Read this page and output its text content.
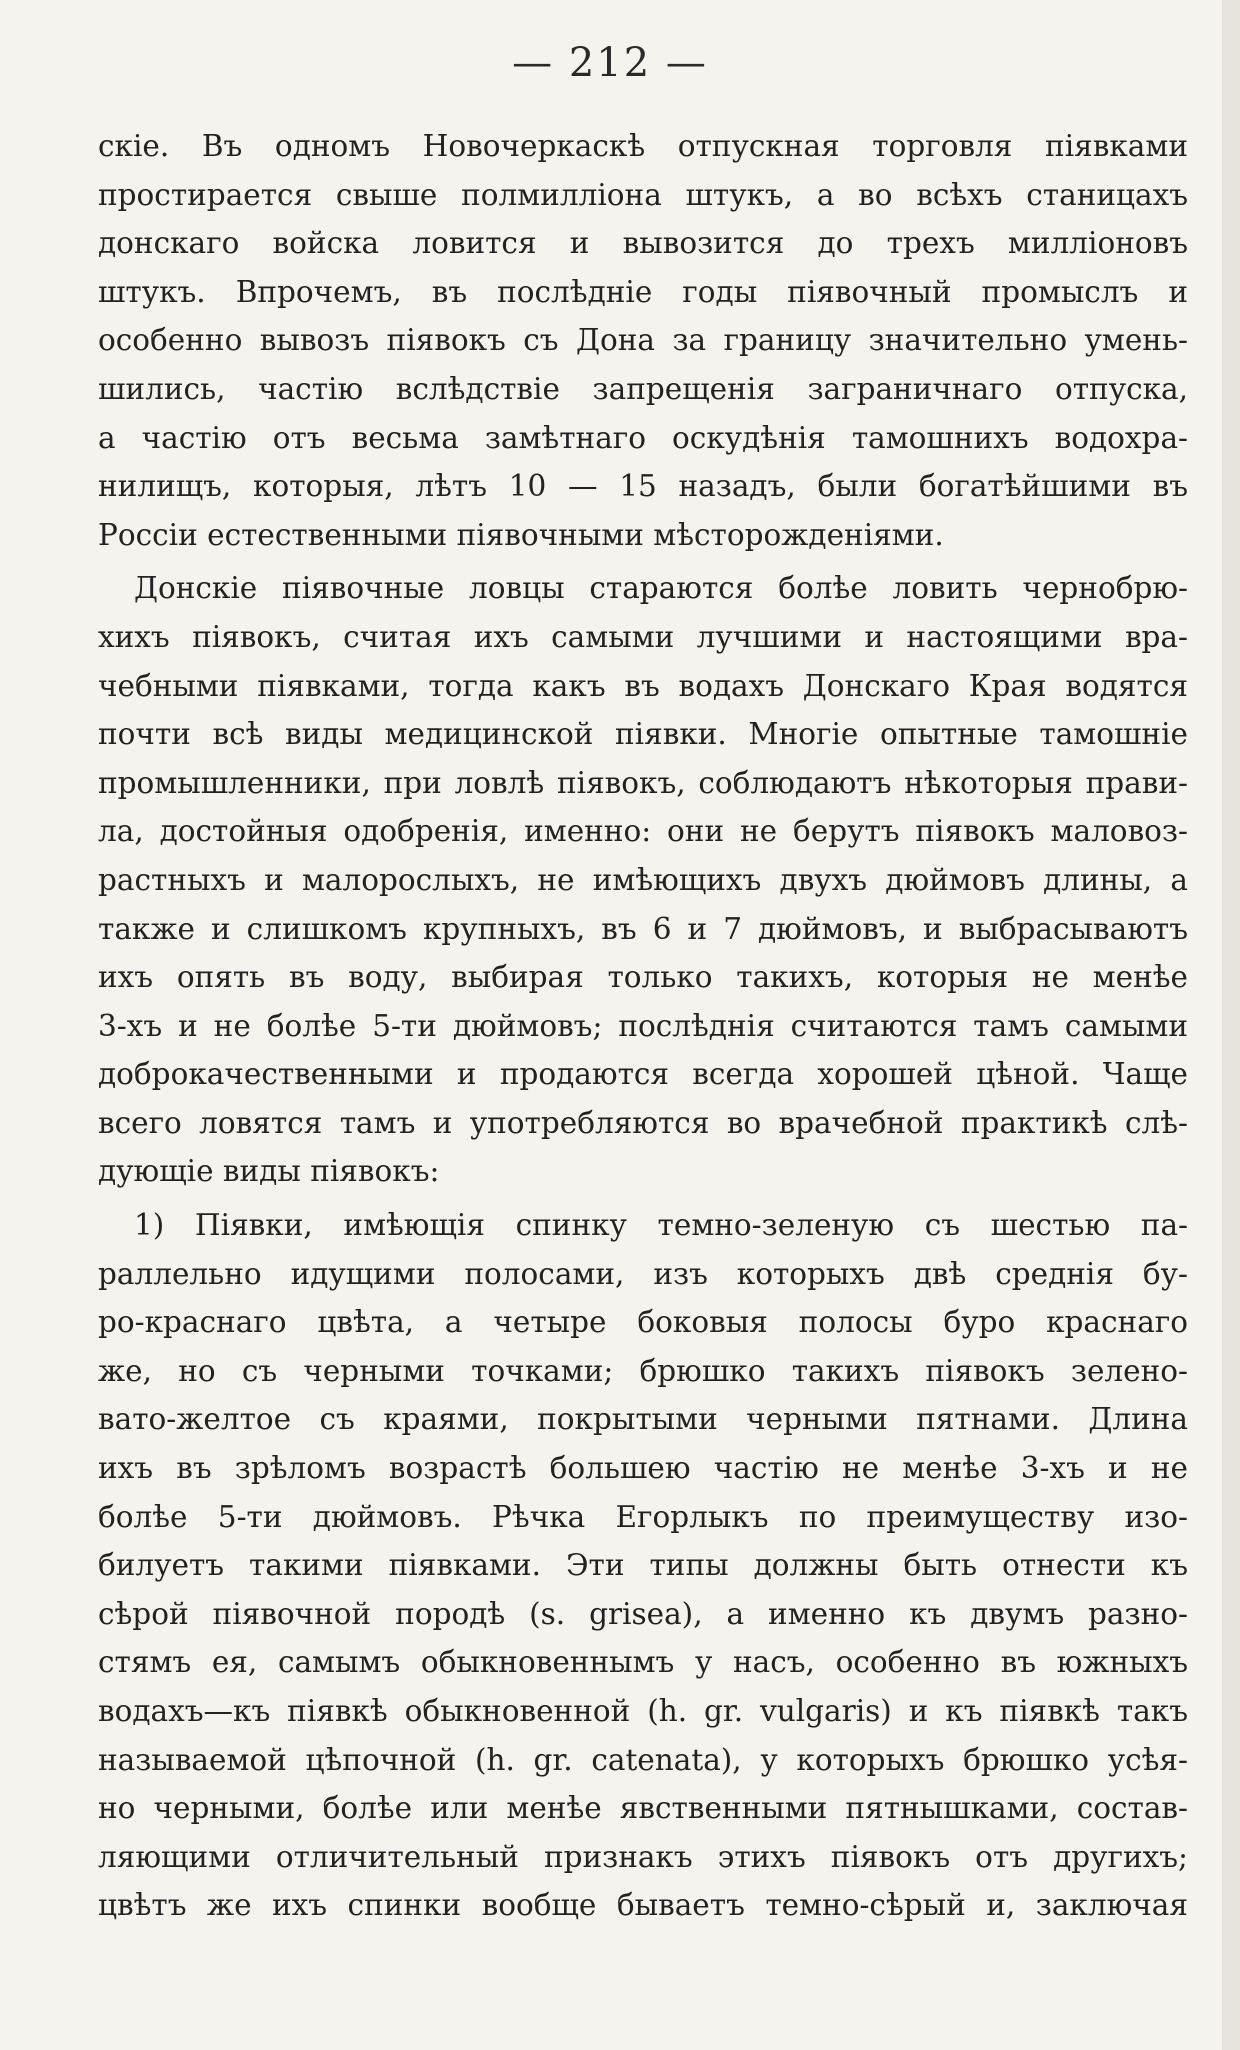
— 212 —
скіе. Въ одномъ Новочеркаскѣ отпускная торговля піявками
простирается свыше полмилліона штукъ, а во всѣхъ станицахъ
донскаго войска ловится и вывозится до трехъ милліоновъ
штукъ. Впрочемъ, въ послѣдніе годы піявочный промыслъ и
особенно вывозъ піявокъ съ Дона за границу значительно умень-
шились, частію вслѣдствіе запрещенія заграничнаго отпуска,
а частію отъ весьма замѣтнаго оскудѣнія тамошнихъ водохра-
нилищъ, которыя, лѣтъ 10 — 15 назадъ, были богатѣйшими въ
Россіи естественными піявочными мѣсторожденіями.
Донскіе піявочные ловцы стараются болѣе ловить чернобрю-
хихъ піявокъ, считая ихъ самыми лучшими и настоящими вра-
чебными піявками, тогда какъ въ водахъ Донскаго Края водятся
почти всѣ виды медицинской піявки. Многіе опытные тамошніе
промышленники, при ловлѣ піявокъ, соблюдаютъ нѣкоторыя прави-
ла, достойныя одобренія, именно: они не берутъ піявокъ маловоз-
растныхъ и малорослыхъ, не имѣющихъ двухъ дюймовъ длины, а
также и слишкомъ крупныхъ, въ 6 и 7 дюймовъ, и выбрасываютъ
ихъ опять въ воду, выбирая только такихъ, которыя не менѣе
3-хъ и не болѣе 5-ти дюймовъ; послѣднія считаются тамъ самыми
доброкачественными и продаются всегда хорошей цѣной. Чаще
всего ловятся тамъ и употребляются во врачебной практикѣ слѣ-
дующіе виды піявокъ:
1) Піявки, имѣющія спинку темно-зеленую съ шестью па-
раллельно идущими полосами, изъ которыхъ двѣ среднія бу-
ро-краснаго цвѣта, а четыре боковыя полосы буро краснаго
же, но съ черными точками; брюшко такихъ піявокъ зелено-
вато-желтое съ краями, покрытыми черными пятнами. Длина
ихъ въ зрѣломъ возрастѣ большею частію не менѣе 3-хъ и не
болѣе 5-ти дюймовъ. Рѣчка Егорлыкъ по преимуществу изо-
билуетъ такими піявками. Эти типы должны быть отнести къ
сѣрой піявочной породѣ (s. grisea), а именно къ двумъ разно-
стямъ ея, самымъ обыкновеннымъ у насъ, особенно въ южныхъ
водахъ—къ піявкѣ обыкновенной (h. gr. vulgaris) и къ піявкѣ такъ
называемой цѣпочной (h. gr. catenata), у которыхъ брюшко усѣя-
но черными, болѣе или менѣе явственными пятнышками, состав-
ляющими отличительный признакъ этихъ піявокъ отъ другихъ;
цвѣтъ же ихъ спинки вообще бываетъ темно-сѣрый и, заключая
